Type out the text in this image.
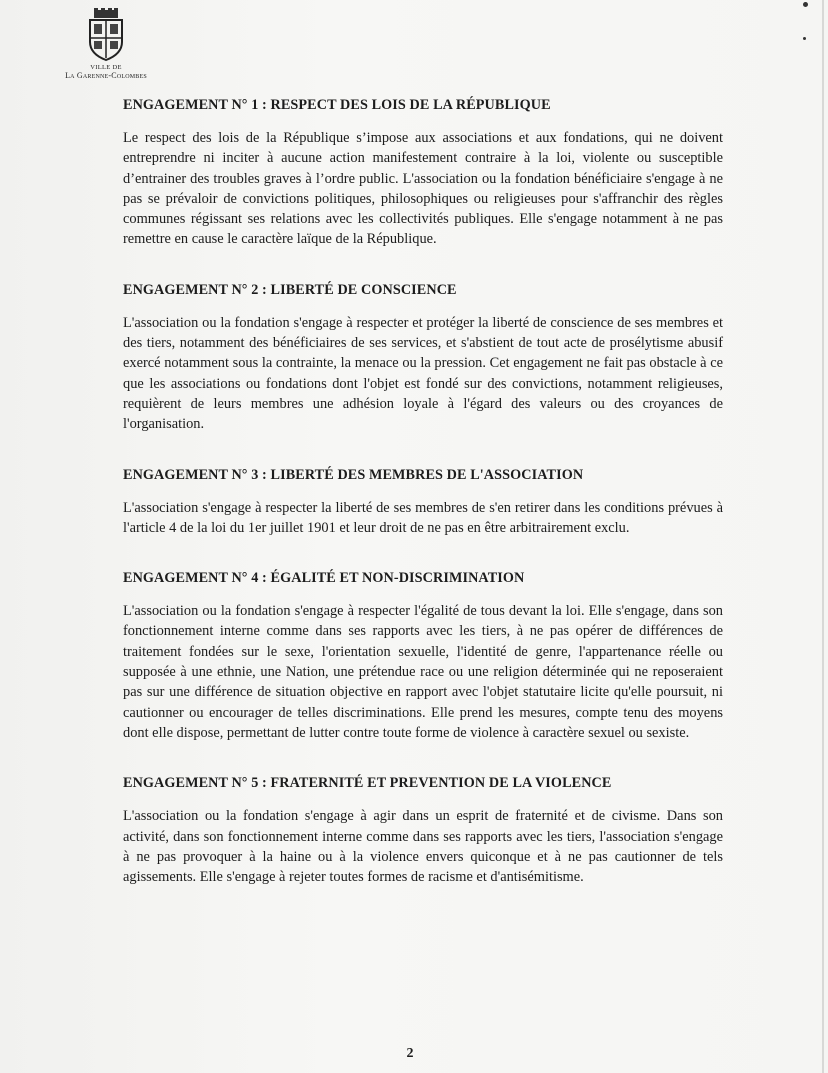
VILLE DE
La Garenne-Colombes
ENGAGEMENT N° 1 : RESPECT DES LOIS DE LA RÉPUBLIQUE

Le respect des lois de la République s’impose aux associations et aux fondations, qui ne doivent entreprendre ni inciter à aucune action manifestement contraire à la loi, violente ou susceptible d’entrainer des troubles graves à l’ordre public. L'association ou la fondation bénéficiaire s'engage à ne pas se prévaloir de convictions politiques, philosophiques ou religieuses pour s'affranchir des règles communes régissant ses relations avec les collectivités publiques. Elle s'engage notamment à ne pas remettre en cause le caractère laïque de la République.

ENGAGEMENT N° 2 : LIBERTÉ DE CONSCIENCE

L'association ou la fondation s'engage à respecter et protéger la liberté de conscience de ses membres et des tiers, notamment des bénéficiaires de ses services, et s'abstient de tout acte de prosélytisme abusif exercé notamment sous la contrainte, la menace ou la pression. Cet engagement ne fait pas obstacle à ce que les associations ou fondations dont l'objet est fondé sur des convictions, notamment religieuses, requièrent de leurs membres une adhésion loyale à l'égard des valeurs ou des croyances de l'organisation.

ENGAGEMENT N° 3 : LIBERTÉ DES MEMBRES DE L'ASSOCIATION

L'association s'engage à respecter la liberté de ses membres de s'en retirer dans les conditions prévues à l'article 4 de la loi du 1er juillet 1901 et leur droit de ne pas en être arbitrairement exclu.

ENGAGEMENT N° 4 : ÉGALITÉ ET NON-DISCRIMINATION

L'association ou la fondation s'engage à respecter l'égalité de tous devant la loi. Elle s'engage, dans son fonctionnement interne comme dans ses rapports avec les tiers, à ne pas opérer de différences de traitement fondées sur le sexe, l'orientation sexuelle, l'identité de genre, l'appartenance réelle ou supposée à une ethnie, une Nation, une prétendue race ou une religion déterminée qui ne reposeraient pas sur une différence de situation objective en rapport avec l'objet statutaire licite qu'elle poursuit, ni cautionner ou encourager de telles discriminations. Elle prend les mesures, compte tenu des moyens dont elle dispose, permettant de lutter contre toute forme de violence à caractère sexuel ou sexiste.

ENGAGEMENT N° 5 : FRATERNITÉ ET PREVENTION DE LA VIOLENCE

L'association ou la fondation s'engage à agir dans un esprit de fraternité et de civisme. Dans son activité, dans son fonctionnement interne comme dans ses rapports avec les tiers, l'association s'engage à ne pas provoquer à la haine ou à la violence envers quiconque et à ne pas cautionner de tels agissements. Elle s'engage à rejeter toutes formes de racisme et d'antisémitisme.

2
